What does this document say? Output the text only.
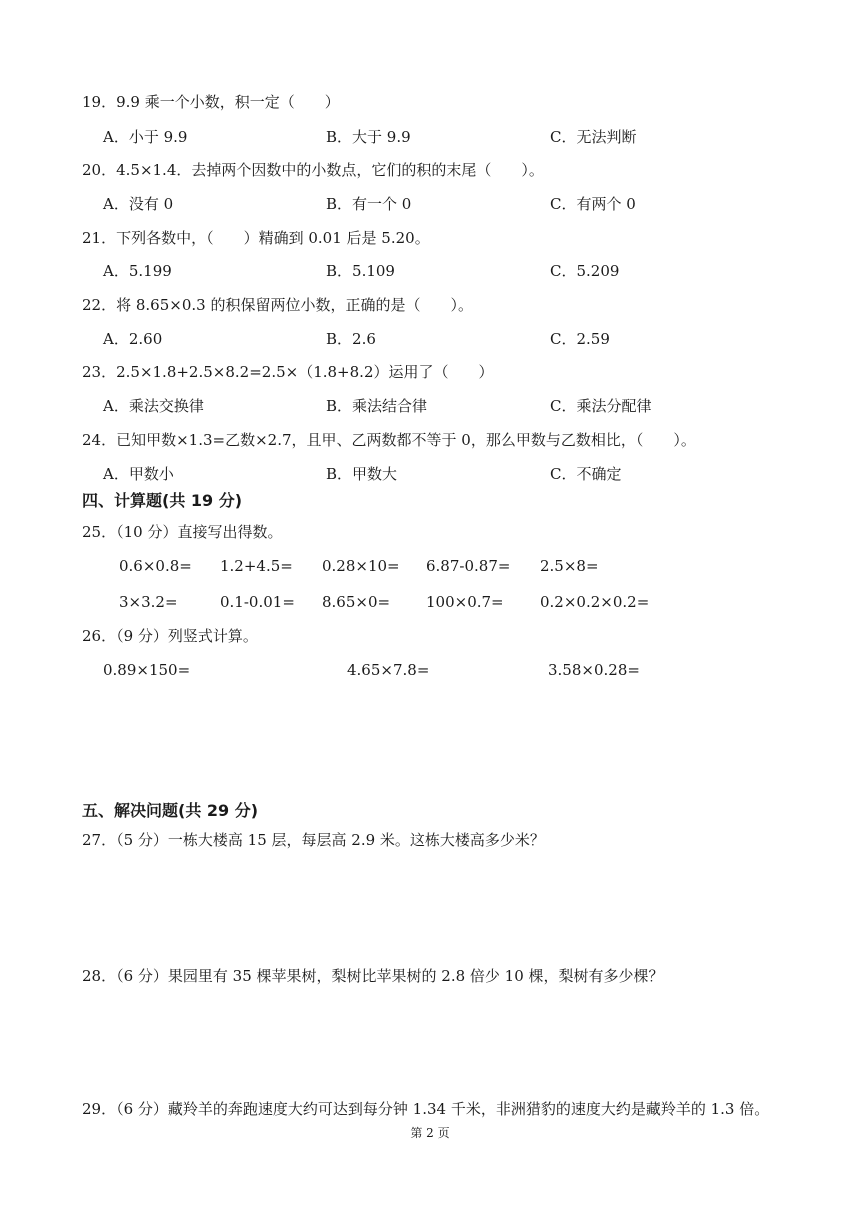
19．9.9 乘一个小数，积一定（　　）
A．小于 9.9	B．大于 9.9	C．无法判断
20．4.5×1.4．去掉两个因数中的小数点，它们的积的末尾（　　）。
A．没有 0	B．有一个 0	C．有两个 0
21．下列各数中，（　　）精确到 0.01 后是 5.20。
A．5.199	B．5.109	C．5.209
22．将 8.65×0.3 的积保留两位小数，正确的是（　　）。
A．2.60	B．2.6	C．2.59
23．2.5×1.8+2.5×8.2=2.5×（1.8+8.2）运用了（　　）
A．乘法交换律	B．乘法结合律	C．乘法分配律
24．已知甲数×1.3=乙数×2.7，且甲、乙两数都不等于 0，那么甲数与乙数相比，（　　）。
A．甲数小	B．甲数大	C．不确定
四、计算题(共 19 分)
25．（10 分）直接写出得数。
0.6×0.8= 1.2+4.5= 0.28×10= 6.87-0.87= 2.5×8=
3×3.2=	0.1-0.01= 8.65×0= 100×0.7= 0.2×0.2×0.2=
26．（9 分）列竖式计算。
0.89×150=	4.65×7.8=	3.58×0.28=
五、解决问题(共 29 分)
27．（5 分）一栋大楼高 15 层，每层高 2.9 米。这栋大楼高多少米？
28．（6 分）果园里有 35 棵苹果树，梨树比苹果树的 2.8 倍少 10 棵，梨树有多少棵？
29．（6 分）藏羚羊的奔跑速度大约可达到每分钟 1.34 千米，非洲猎豹的速度大约是藏羚羊的 1.3 倍。
第 2 页
